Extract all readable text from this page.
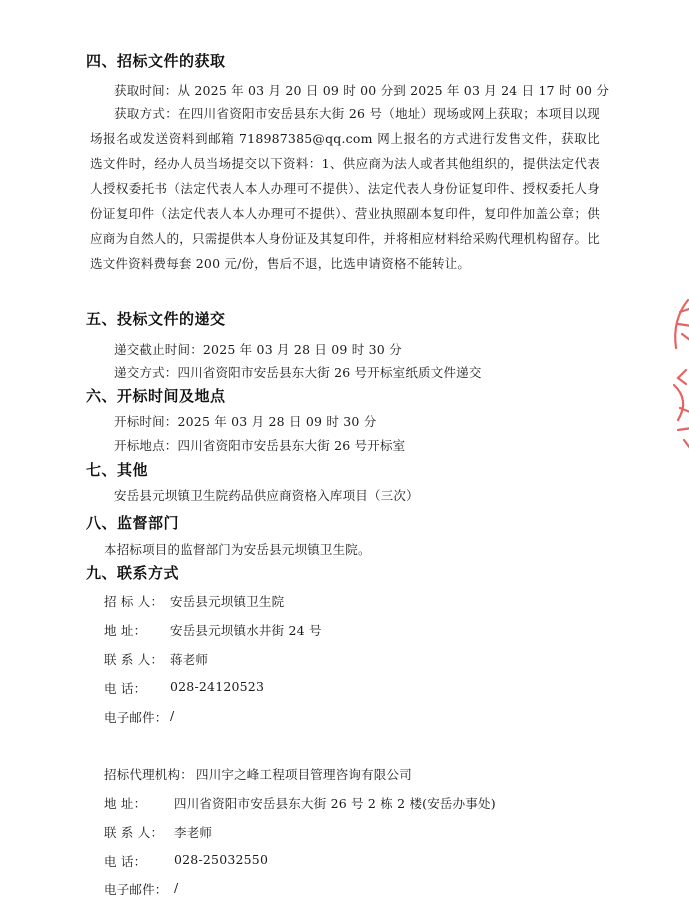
四、招标文件的获取
获取时间：从 2025 年 03 月 20 日 09 时 00 分到 2025 年 03 月 24 日 17 时 00 分
获取方式：在四川省资阳市安岳县东大街 26 号（地址）现场或网上获取；本项目以现场报名或发送资料到邮箱 718987385@qq.com 网上报名的方式进行发售文件，获取比选文件时，经办人员当场提交以下资料：1、供应商为法人或者其他组织的，提供法定代表人授权委托书（法定代表人本人办理可不提供）、法定代表人身份证复印件、授权委托人身份证复印件（法定代表人本人办理可不提供）、营业执照副本复印件，复印件加盖公章；供应商为自然人的，只需提供本人身份证及其复印件，并将相应材料给采购代理机构留存。比选文件资料费每套 200 元/份，售后不退，比选申请资格不能转让。
五、投标文件的递交
递交截止时间：2025 年 03 月 28 日 09 时 30 分
递交方式：四川省资阳市安岳县东大街 26 号开标室纸质文件递交
六、开标时间及地点
开标时间：2025 年 03 月 28 日 09 时 30 分
开标地点：四川省资阳市安岳县东大街 26 号开标室
七、其他
安岳县元坝镇卫生院药品供应商资格入库项目（三次）
八、监督部门
本招标项目的监督部门为安岳县元坝镇卫生院。
九、联系方式
招 标 人： 安岳县元坝镇卫生院
地 址： 安岳县元坝镇水井街 24 号
联 系 人： 蒋老师
电 话： 028-24120523
电子邮件： /
招标代理机构： 四川宇之峰工程项目管理咨询有限公司
地 址： 四川省资阳市安岳县东大街 26 号 2 栋 2 楼(安岳办事处)
联 系 人： 李老师
电 话： 028-25032550
电子邮件： /
